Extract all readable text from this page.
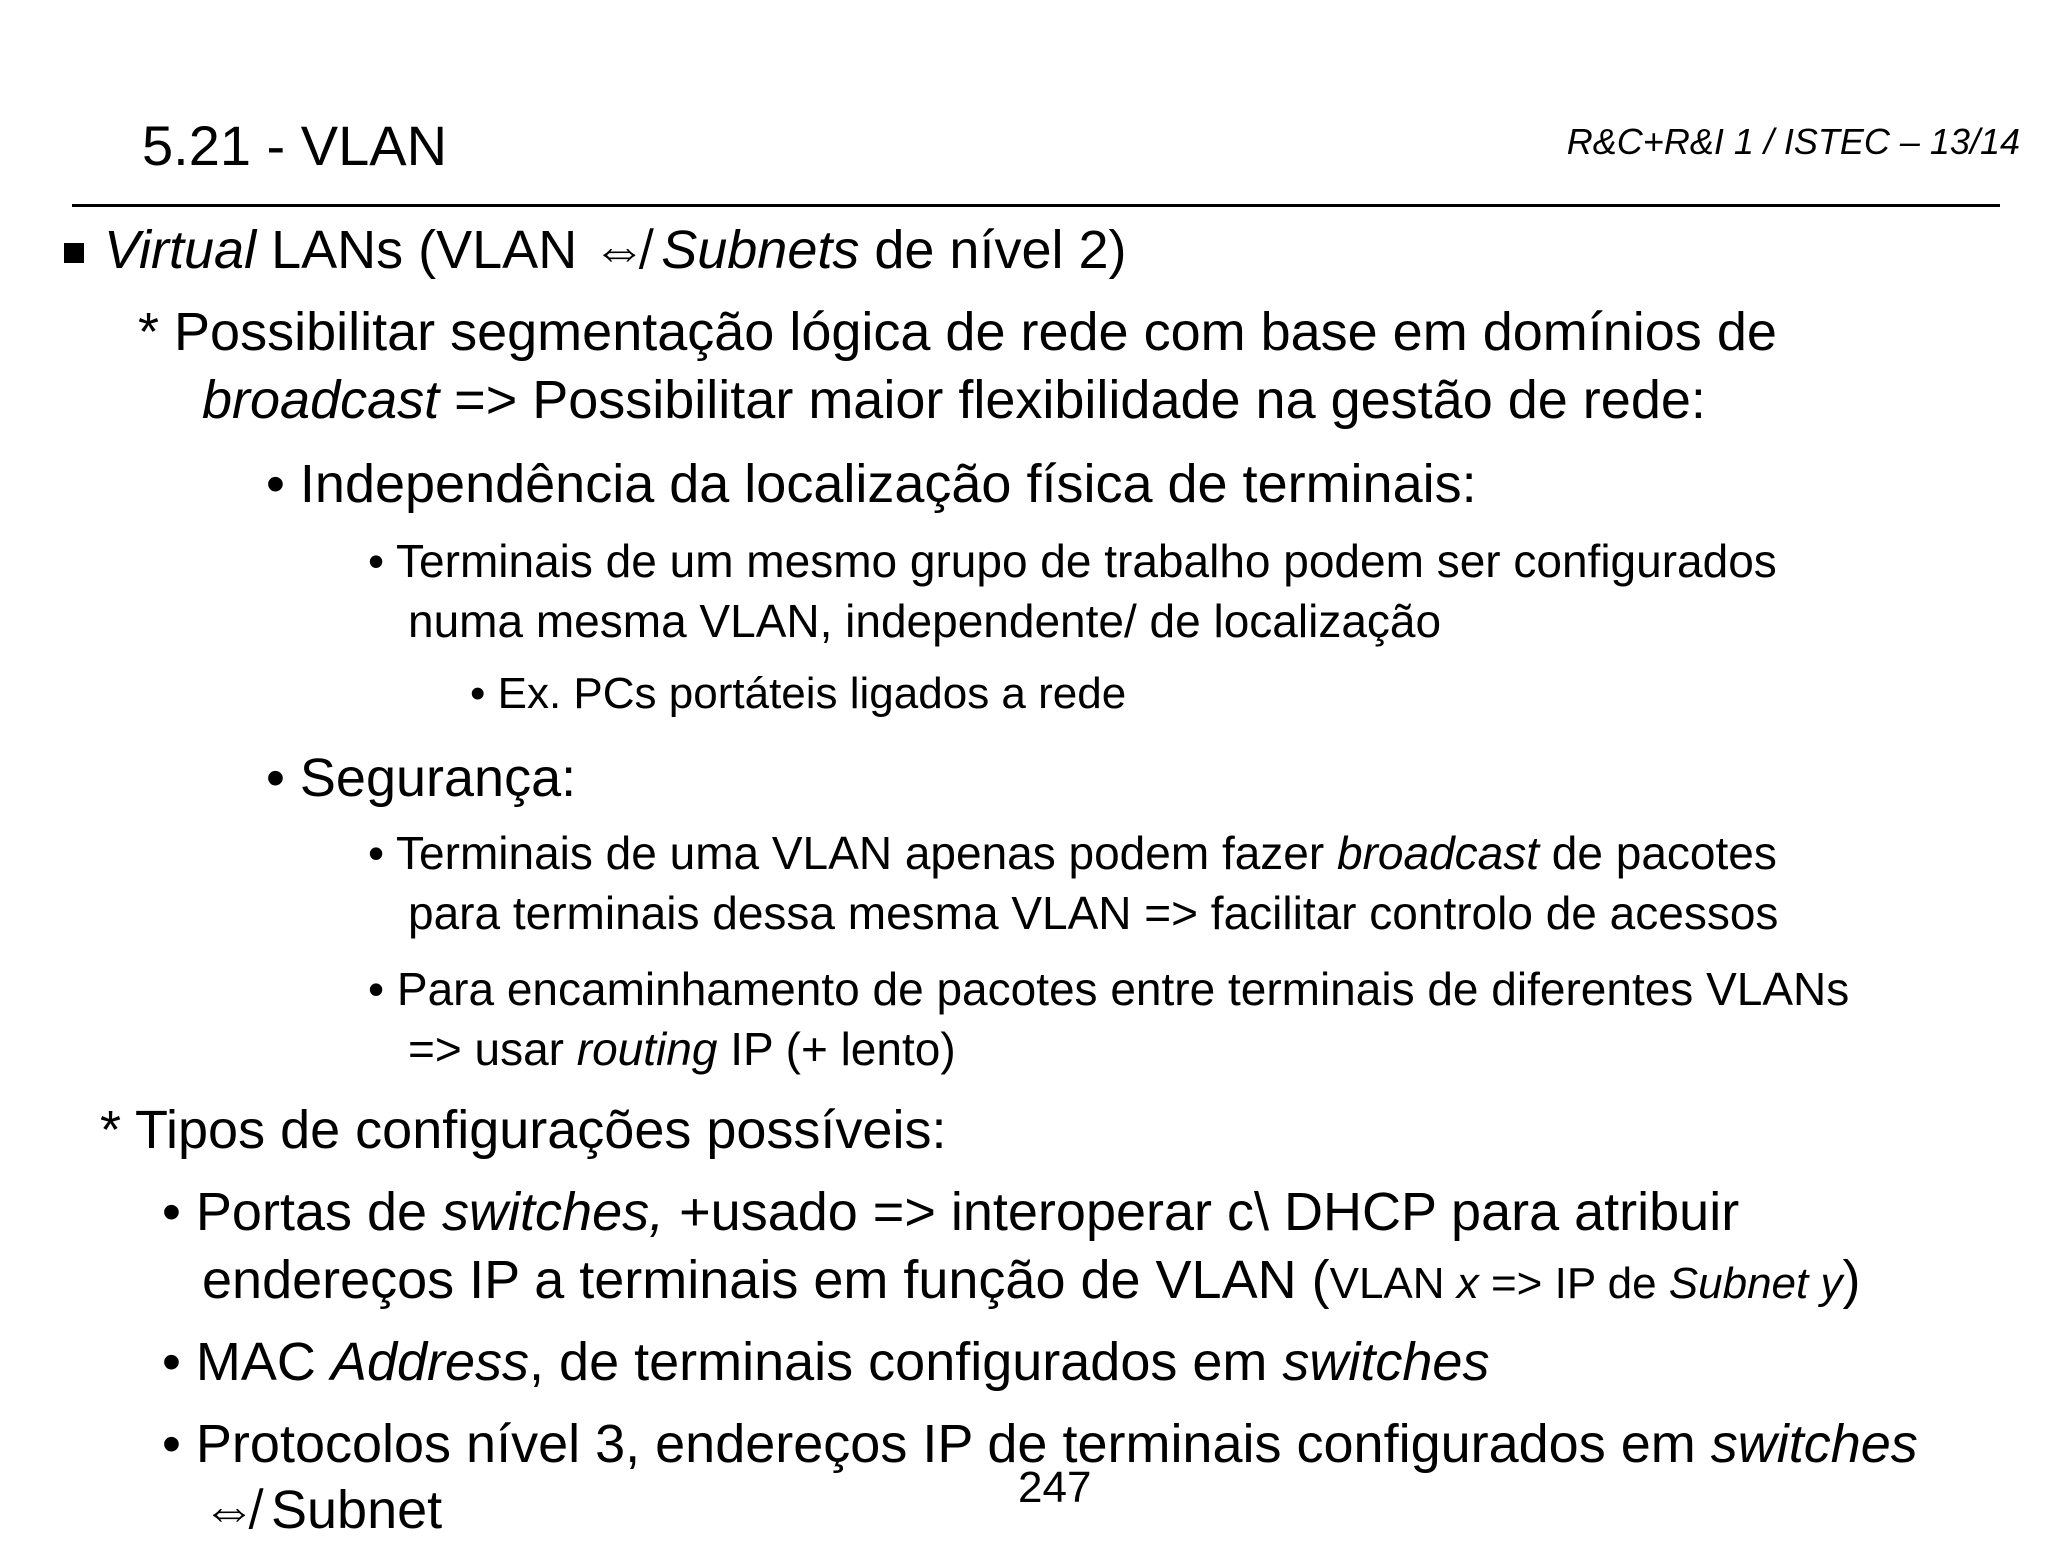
5.21 - VLAN	R&C+R&I 1 / ISTEC – 13/14
Virtual LANs (VLAN ⇎ Subnets de nível 2)
* Possibilitar segmentação lógica de rede com base em domínios de
broadcast => Possibilitar maior flexibilidade na gestão de rede:
• Independência da localização física de terminais:
• Terminais de um mesmo grupo de trabalho podem ser configurados
numa mesma VLAN, independente/ de localização
• Ex. PCs portáteis ligados a rede
• Segurança:
• Terminais de uma VLAN apenas podem fazer broadcast de pacotes
para terminais dessa mesma VLAN => facilitar controlo de acessos
• Para encaminhamento de pacotes entre terminais de diferentes VLANs
=> usar routing IP (+ lento)
* Tipos de configurações possíveis:
• Portas de switches, +usado => interoperar c\ DHCP para atribuir
endereços IP a terminais em função de VLAN (VLAN x => IP de Subnet y)
• MAC Address, de terminais configurados em switches
• Protocolos nível 3, endereços IP de terminais configurados em switches
⇎ Subnet	247
